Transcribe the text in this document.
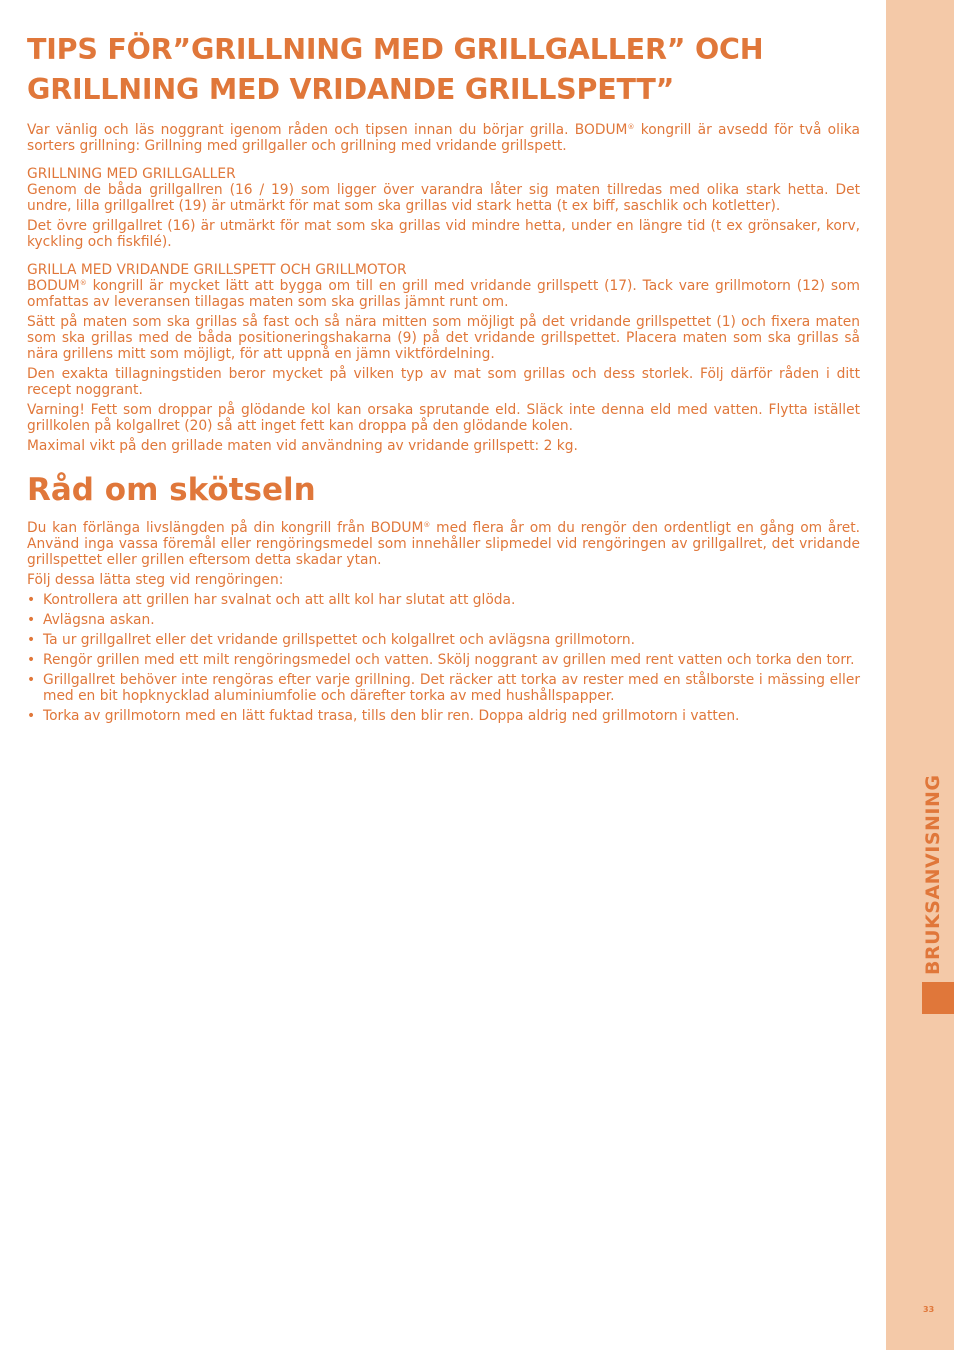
BRUKSANVISNING
33
TIPS FÖR”GRILLNING MED GRILLGALLER” OCH GRILLNING MED VRIDANDE GRILLSPETT”

Var vänlig och läs noggrant igenom råden och tipsen innan du börjar grilla. BODUM® kongrill är avsedd för två olika sorters grillning: Grillning med grillgaller och grillning med vridande grillspett.

GRILLNING MED GRILLGALLER

Genom de båda grillgallren (16 / 19) som ligger över varandra låter sig maten tillredas med olika stark hetta. Det undre, lilla grillgallret (19) är utmärkt för mat som ska grillas vid stark hetta (t ex biff, saschlik och kotletter).

Det övre grillgallret (16) är utmärkt för mat som ska grillas vid mindre hetta, under en längre tid (t ex grönsaker, korv, kyckling och fiskfilé).

GRILLA MED VRIDANDE GRILLSPETT OCH GRILLMOTOR

BODUM® kongrill är mycket lätt att bygga om till en grill med vridande grillspett (17). Tack vare grillmotorn (12) som omfattas av leveransen tillagas maten som ska grillas jämnt runt om.

Sätt på maten som ska grillas så fast och så nära mitten som möjligt på det vridande grillspettet (1) och fixera maten som ska grillas med de båda positioneringshakarna (9) på det vridande grillspettet. Placera maten som ska grillas så nära grillens mitt som möjligt, för att uppnå en jämn viktfördelning.

Den exakta tillagningstiden beror mycket på vilken typ av mat som grillas och dess storlek. Följ därför råden i ditt recept noggrant.

Varning! Fett som droppar på glödande kol kan orsaka sprutande eld. Släck inte denna eld med vatten. Flytta istället grillkolen på kolgallret (20) så att inget fett kan droppa på den glödande kolen.

Maximal vikt på den grillade maten vid användning av vridande grillspett: 2 kg.

Råd om skötseln

Du kan förlänga livslängden på din kongrill från BODUM® med flera år om du rengör den ordentligt en gång om året. Använd inga vassa föremål eller rengöringsmedel som innehåller slipmedel vid rengöringen av grillgallret, det vridande grillspettet eller grillen eftersom detta skadar ytan.

Följ dessa lätta steg vid rengöringen:

• Kontrollera att grillen har svalnat och att allt kol har slutat att glöda.
• Avlägsna askan.
• Ta ur grillgallret eller det vridande grillspettet och kolgallret och avlägsna grillmotorn.
• Rengör grillen med ett milt rengöringsmedel och vatten. Skölj noggrant av grillen med rent vatten och torka den torr.
• Grillgallret behöver inte rengöras efter varje grillning. Det räcker att torka av rester med en stålborste i mässing eller med en bit hopknycklad aluminiumfolie och därefter torka av med hushållspapper.
• Torka av grillmotorn med en lätt fuktad trasa, tills den blir ren. Doppa aldrig ned grillmotorn i vatten.
